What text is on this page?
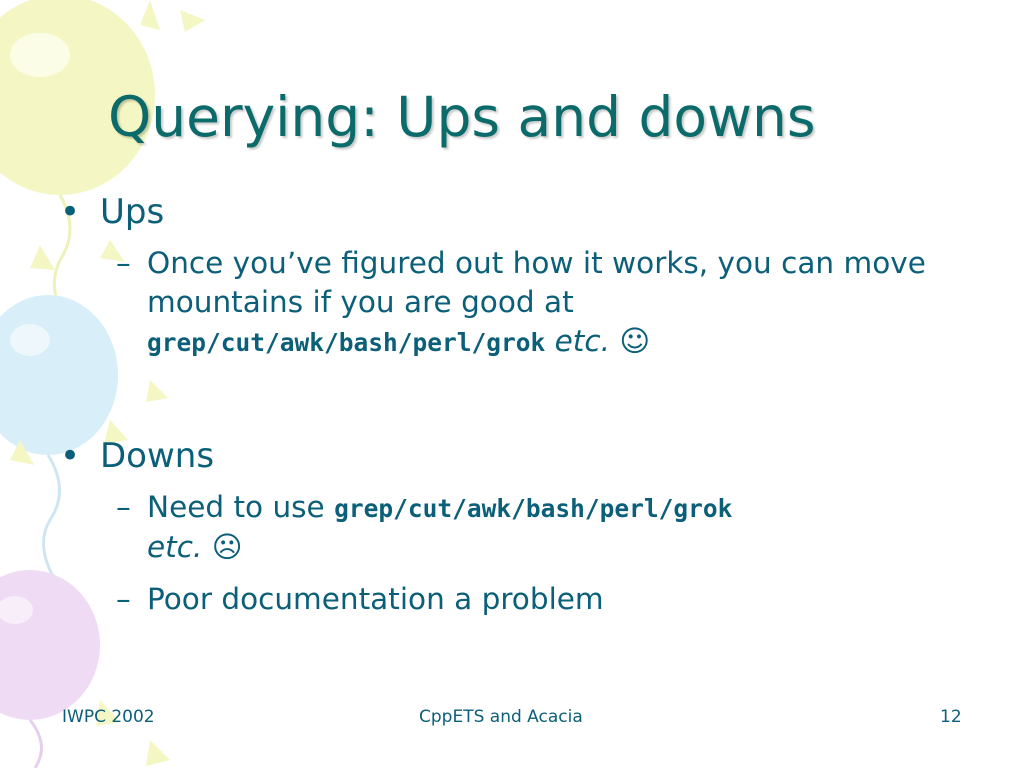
Querying: Ups and downs
• Ups
– Once you’ve figured out how it works, you can move mountains if you are good at
grep/cut/awk/bash/perl/grok etc. ☺
• Downs
– Need to use grep/cut/awk/bash/perl/grok
etc. ☹
– Poor documentation a problem
IWPC 2002	CppETS and Acacia	12
